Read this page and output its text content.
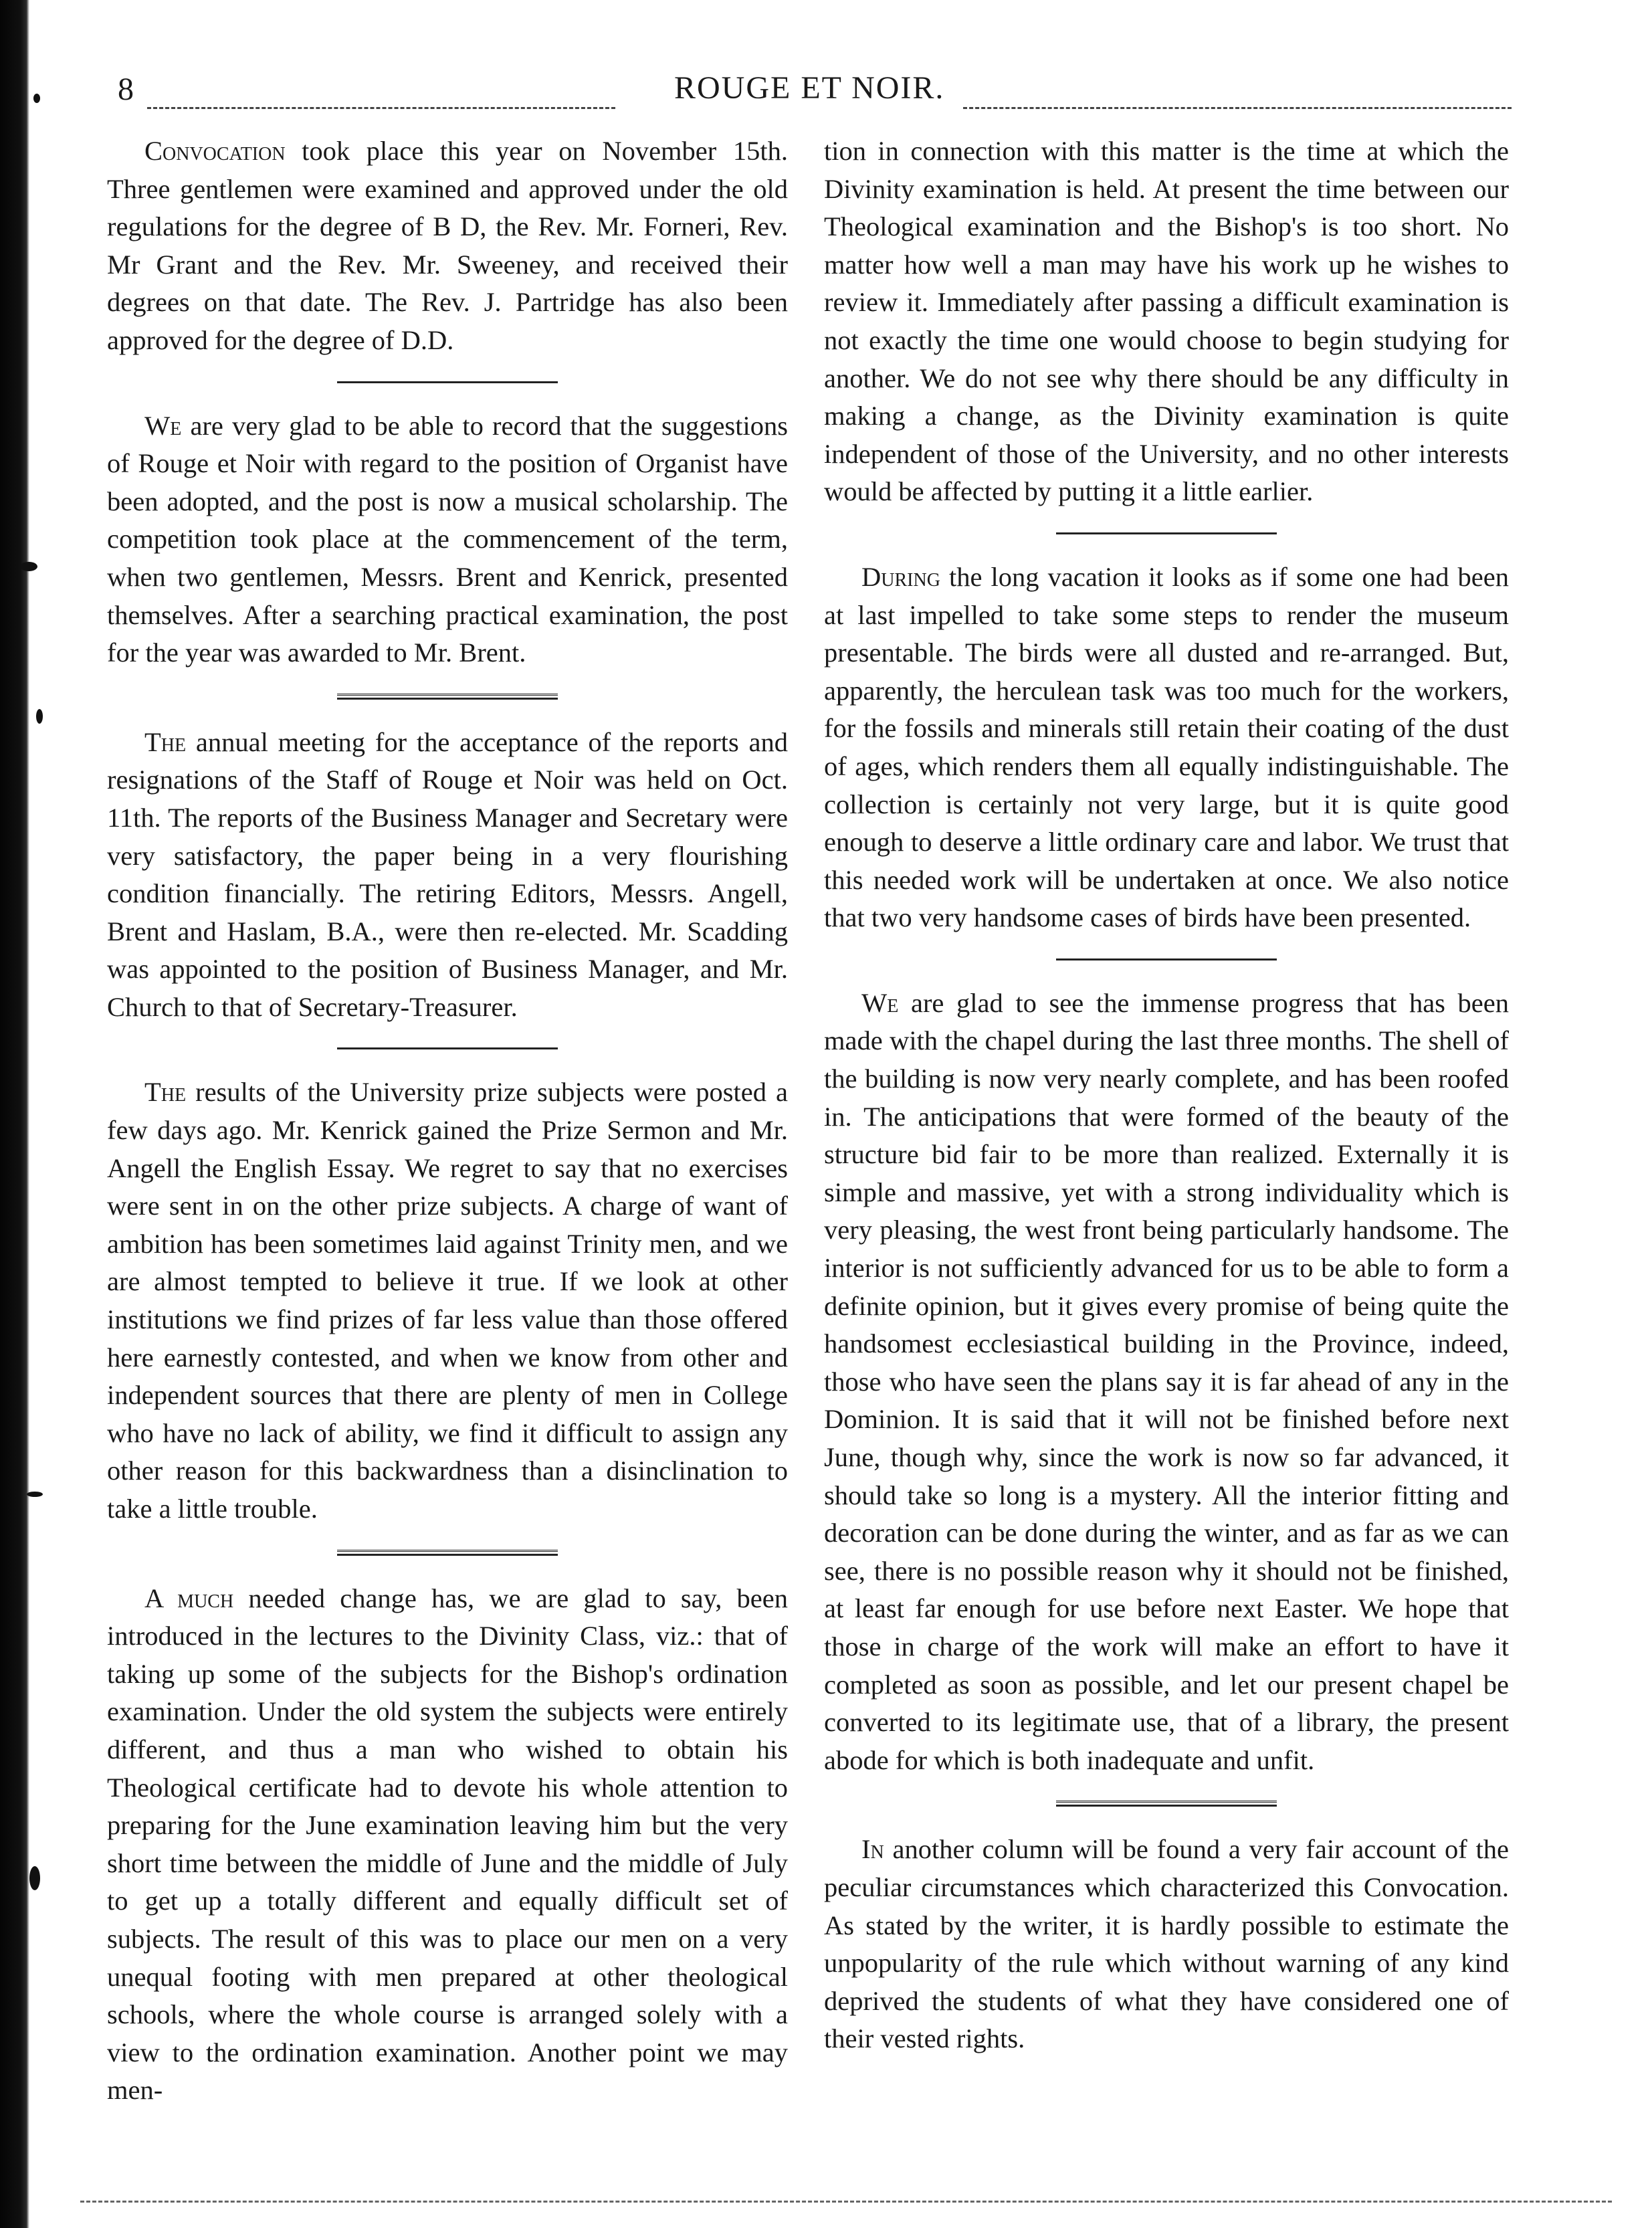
8	ROUGE ET NOIR.

Convocation took place this year on November 15th. Three gentlemen were examined and approved under the old regulations for the degree of B D, the Rev. Mr. Forneri, Rev. Mr Grant and the Rev. Mr. Sweeney, and received their degrees on that date. The Rev. J. Partridge has also been approved for the degree of D.D.

We are very glad to be able to record that the suggestions of Rouge et Noir with regard to the position of Organist have been adopted, and the post is now a musical scholarship. The competition took place at the commencement of the term, when two gentlemen, Messrs. Brent and Kenrick, presented themselves. After a searching practical examination, the post for the year was awarded to Mr. Brent.

The annual meeting for the acceptance of the reports and resignations of the Staff of Rouge et Noir was held on Oct. 11th. The reports of the Business Manager and Secretary were very satisfactory, the paper being in a very flourishing condition financially. The retiring Editors, Messrs. Angell, Brent and Haslam, B.A., were then re-elected. Mr. Scadding was appointed to the position of Business Manager, and Mr. Church to that of Secretary-Treasurer.

The results of the University prize subjects were posted a few days ago. Mr. Kenrick gained the Prize Sermon and Mr. Angell the English Essay. We regret to say that no exercises were sent in on the other prize subjects. A charge of want of ambition has been sometimes laid against Trinity men, and we are almost tempted to believe it true. If we look at other institutions we find prizes of far less value than those offered here earnestly contested, and when we know from other and independent sources that there are plenty of men in College who have no lack of ability, we find it difficult to assign any other reason for this backwardness than a disinclination to take a little trouble.

A much needed change has, we are glad to say, been introduced in the lectures to the Divinity Class, viz.: that of taking up some of the subjects for the Bishop's ordination examination. Under the old system the subjects were entirely different, and thus a man who wished to obtain his Theological certificate had to devote his whole attention to preparing for the June examination leaving him but the very short time between the middle of June and the middle of July to get up a totally different and equally difficult set of subjects. The result of this was to place our men on a very unequal footing with men prepared at other theological schools, where the whole course is arranged solely with a view to the ordination examination. Another point we may men-

tion in connection with this matter is the time at which the Divinity examination is held. At present the time between our Theological examination and the Bishop's is too short. No matter how well a man may have his work up he wishes to review it. Immediately after passing a difficult examination is not exactly the time one would choose to begin studying for another. We do not see why there should be any difficulty in making a change, as the Divinity examination is quite independent of those of the University, and no other interests would be affected by putting it a little earlier.

During the long vacation it looks as if some one had been at last impelled to take some steps to render the museum presentable. The birds were all dusted and re-arranged. But, apparently, the herculean task was too much for the workers, for the fossils and minerals still retain their coating of the dust of ages, which renders them all equally indistinguishable. The collection is certainly not very large, but it is quite good enough to deserve a little ordinary care and labor. We trust that this needed work will be undertaken at once. We also notice that two very handsome cases of birds have been presented.

We are glad to see the immense progress that has been made with the chapel during the last three months. The shell of the building is now very nearly complete, and has been roofed in. The anticipations that were formed of the beauty of the structure bid fair to be more than realized. Externally it is simple and massive, yet with a strong individuality which is very pleasing, the west front being particularly handsome. The interior is not sufficiently advanced for us to be able to form a definite opinion, but it gives every promise of being quite the handsomest ecclesiastical building in the Province, indeed, those who have seen the plans say it is far ahead of any in the Dominion. It is said that it will not be finished before next June, though why, since the work is now so far advanced, it should take so long is a mystery. All the interior fitting and decoration can be done during the winter, and as far as we can see, there is no possible reason why it should not be finished, at least far enough for use before next Easter. We hope that those in charge of the work will make an effort to have it completed as soon as possible, and let our present chapel be converted to its legitimate use, that of a library, the present abode for which is both inadequate and unfit.

In another column will be found a very fair account of the peculiar circumstances which characterized this Convocation. As stated by the writer, it is hardly possible to estimate the unpopularity of the rule which without warning of any kind deprived the students of what they have considered one of their vested rights.
